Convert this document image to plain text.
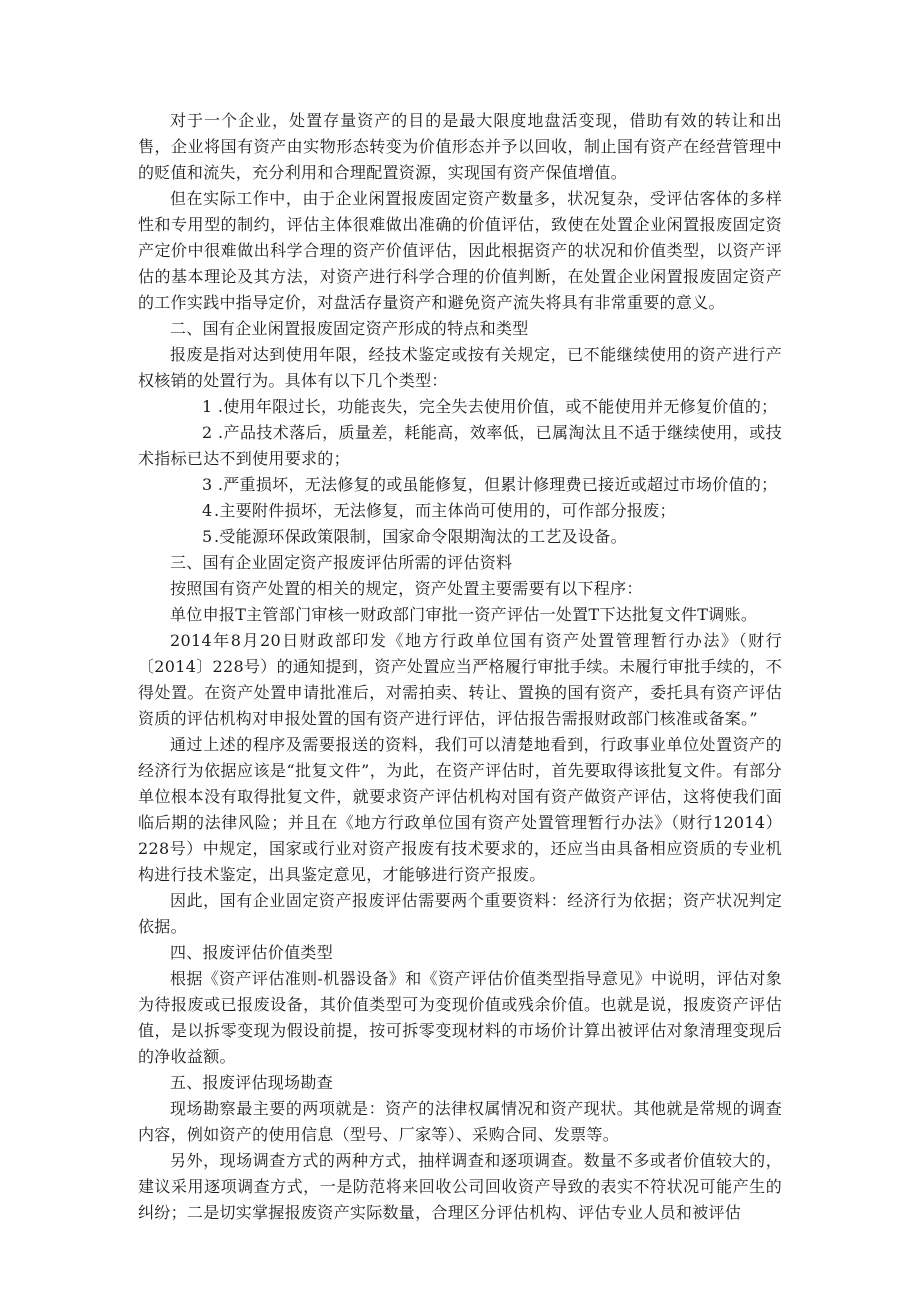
对于一个企业，处置存量资产的目的是最大限度地盘活变现，借助有效的转让和出售，企业将国有资产由实物形态转变为价值形态并予以回收，制止国有资产在经营管理中的贬值和流失，充分利用和合理配置资源，实现国有资产保值增值。

但在实际工作中，由于企业闲置报废固定资产数量多，状况复杂，受评估客体的多样性和专用型的制约，评估主体很难做出准确的价值评估，致使在处置企业闲置报废固定资产定价中很难做出科学合理的资产价值评估，因此根据资产的状况和价值类型，以资产评估的基本理论及其方法，对资产进行科学合理的价值判断，在处置企业闲置报废固定资产的工作实践中指导定价，对盘活存量资产和避免资产流失将具有非常重要的意义。

二、国有企业闲置报废固定资产形成的特点和类型

报废是指对达到使用年限，经技术鉴定或按有关规定，已不能继续使用的资产进行产权核销的处置行为。具体有以下几个类型：

1 .使用年限过长，功能丧失，完全失去使用价值，或不能使用并无修复价值的；

2 .产品技术落后，质量差，耗能高，效率低，已属淘汰且不适于继续使用，或技术指标已达不到使用要求的；

3 .严重损坏，无法修复的或虽能修复，但累计修理费已接近或超过市场价值的；

4.主要附件损坏，无法修复，而主体尚可使用的，可作部分报废；

5.受能源环保政策限制，国家命令限期淘汰的工艺及设备。

三、国有企业固定资产报废评估所需的评估资料

按照国有资产处置的相关的规定，资产处置主要需要有以下程序：

单位申报T主管部门审核一财政部门审批一资产评估一处置T下达批复文件T调账。

2014年8月20日财政部印发《地方行政单位国有资产处置管理暂行办法》（财行〔2014〕228号）的通知提到，资产处置应当严格履行审批手续。未履行审批手续的，不得处置。在资产处置申请批准后，对需拍卖、转让、置换的国有资产，委托具有资产评估资质的评估机构对申报处置的国有资产进行评估，评估报告需报财政部门核准或备案。”

通过上述的程序及需要报送的资料，我们可以清楚地看到，行政事业单位处置资产的经济行为依据应该是“批复文件”，为此，在资产评估时，首先要取得该批复文件。有部分单位根本没有取得批复文件，就要求资产评估机构对国有资产做资产评估，这将使我们面临后期的法律风险；并且在《地方行政单位国有资产处置管理暂行办法》（财行12014）228号）中规定，国家或行业对资产报废有技术要求的，还应当由具备相应资质的专业机构进行技术鉴定，出具鉴定意见，才能够进行资产报废。

因此，国有企业固定资产报废评估需要两个重要资料：经济行为依据；资产状况判定依据。

四、报废评估价值类型

根据《资产评估准则-机器设备》和《资产评估价值类型指导意见》中说明，评估对象为待报废或已报废设备，其价值类型可为变现价值或残余价值。也就是说，报废资产评估值，是以拆零变现为假设前提，按可拆零变现材料的市场价计算出被评估对象清理变现后的净收益额。

五、报废评估现场勘查

现场勘察最主要的两项就是：资产的法律权属情况和资产现状。其他就是常规的调查内容，例如资产的使用信息（型号、厂家等）、采购合同、发票等。

另外，现场调查方式的两种方式，抽样调查和逐项调查。数量不多或者价值较大的，建议采用逐项调查方式，一是防范将来回收公司回收资产导致的表实不符状况可能产生的纠纷；二是切实掌握报废资产实际数量，合理区分评估机构、评估专业人员和被评估
